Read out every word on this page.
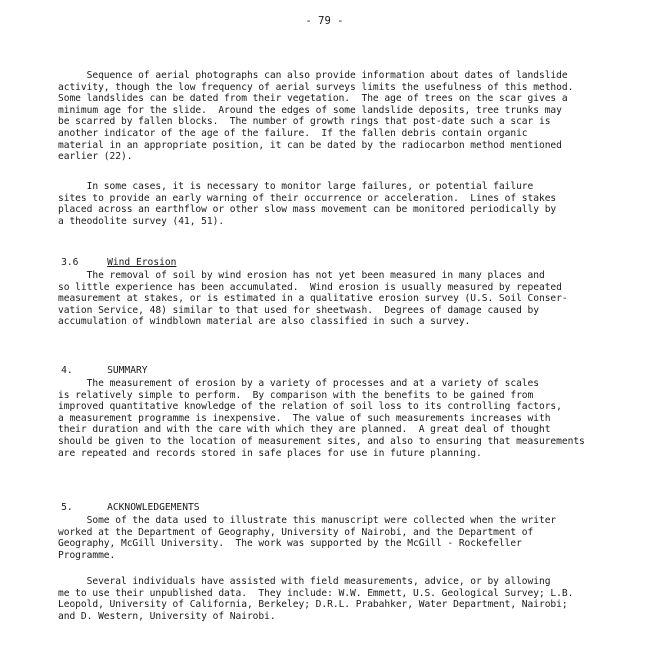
- 79 -
Sequence of aerial photographs can also provide information about dates of landslide
activity, though the low frequency of aerial surveys limits the usefulness of this method.
Some landslides can be dated from their vegetation.  The age of trees on the scar gives a
minimum age for the slide.  Around the edges of some landslide deposits, tree trunks may
be scarred by fallen blocks.  The number of growth rings that post-date such a scar is
another indicator of the age of the failure.  If the fallen debris contain organic
material in an appropriate position, it can be dated by the radiocarbon method mentioned
earlier (22).
In some cases, it is necessary to monitor large failures, or potential failure
sites to provide an early warning of their occurrence or acceleration.  Lines of stakes
placed across an earthflow or other slow mass movement can be monitored periodically by
a theodolite survey (41, 51).

3.6	Wind Erosion

The removal of soil by wind erosion has not yet been measured in many places and
so little experience has been accumulated.  Wind erosion is usually measured by repeated
measurement at stakes, or is estimated in a qualitative erosion survey (U.S. Soil Conser-
vation Service, 48) similar to that used for sheetwash.  Degrees of damage caused by
accumulation of windblown material are also classified in such a survey.

4.	SUMMARY

The measurement of erosion by a variety of processes and at a variety of scales
is relatively simple to perform.  By comparison with the benefits to be gained from
improved quantitative knowledge of the relation of soil loss to its controlling factors,
a measurement programme is inexpensive.  The value of such measurements increases with
their duration and with the care with which they are planned.  A great deal of thought
should be given to the location of measurement sites, and also to ensuring that measurements
are repeated and records stored in safe places for use in future planning.

5.	ACKNOWLEDGEMENTS

Some of the data used to illustrate this manuscript were collected when the writer
worked at the Department of Geography, University of Nairobi, and the Department of
Geography, McGill University.  The work was supported by the McGill - Rockefeller
Programme.
Several individuals have assisted with field measurements, advice, or by allowing
me to use their unpublished data.  They include: W.W. Emmett, U.S. Geological Survey; L.B.
Leopold, University of California, Berkeley; D.R.L. Prabahker, Water Department, Nairobi;
and D. Western, University of Nairobi.
